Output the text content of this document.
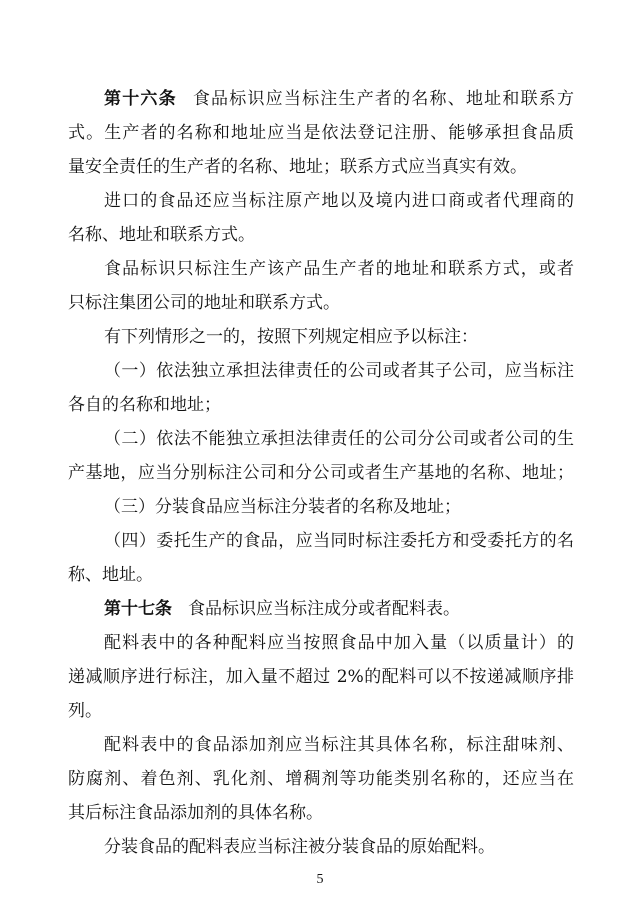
第十六条 食品标识应当标注生产者的名称、地址和联系方
式。生产者的名称和地址应当是依法登记注册、能够承担食品质
量安全责任的生产者的名称、地址；联系方式应当真实有效。
进口的食品还应当标注原产地以及境内进口商或者代理商的
名称、地址和联系方式。
食品标识只标注生产该产品生产者的地址和联系方式，或者
只标注集团公司的地址和联系方式。
有下列情形之一的，按照下列规定相应予以标注：
（一）依法独立承担法律责任的公司或者其子公司，应当标注
各自的名称和地址；
（二）依法不能独立承担法律责任的公司分公司或者公司的生
产基地，应当分别标注公司和分公司或者生产基地的名称、地址；
（三）分装食品应当标注分装者的名称及地址；
（四）委托生产的食品，应当同时标注委托方和受委托方的名
称、地址。
第十七条 食品标识应当标注成分或者配料表。
配料表中的各种配料应当按照食品中加入量（以质量计）的
递减顺序进行标注，加入量不超过 2%的配料可以不按递减顺序排
列。
配料表中的食品添加剂应当标注其具体名称，标注甜味剂、
防腐剂、着色剂、乳化剂、增稠剂等功能类别名称的，还应当在
其后标注食品添加剂的具体名称。
分装食品的配料表应当标注被分装食品的原始配料。
5
